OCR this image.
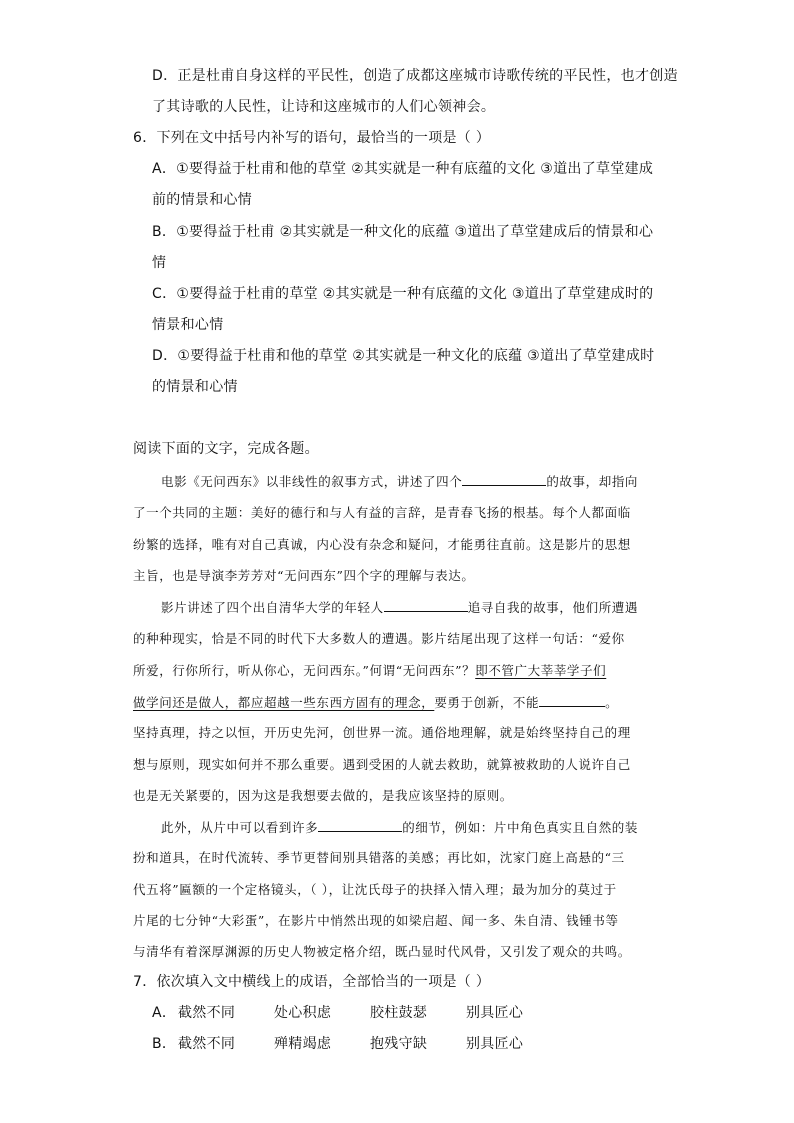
D．正是杜甫自身这样的平民性，创造了成都这座城市诗歌传统的平民性，也才创造
了其诗歌的人民性，让诗和这座城市的人们心领神会。
6．下列在文中括号内补写的语句，最恰当的一项是（ ）
A．①要得益于杜甫和他的草堂 ②其实就是一种有底蕴的文化 ③道出了草堂建成
前的情景和心情
B．①要得益于杜甫 ②其实就是一种文化的底蕴 ③道出了草堂建成后的情景和心
情
C．①要得益于杜甫的草堂 ②其实就是一种有底蕴的文化 ③道出了草堂建成时的
情景和心情
D．①要得益于杜甫和他的草堂 ②其实就是一种文化的底蕴 ③道出了草堂建成时
的情景和心情
阅读下面的文字，完成各题。
电影《无问西东》以非线性的叙事方式，讲述了四个	的故事，却指向
了一个共同的主题：美好的德行和与人有益的言辞，是青春飞扬的根基。每个人都面临
纷繁的选择，唯有对自己真诚，内心没有杂念和疑问，才能勇往直前。这是影片的思想
主旨，也是导演李芳芳对“无问西东”四个字的理解与表达。
影片讲述了四个出自清华大学的年轻人	追寻自我的故事，他们所遭遇
的种种现实，恰是不同的时代下大多数人的遭遇。影片结尾出现了这样一句话：“爱你
所爱，行你所行，听从你心，无问西东。”何谓“无问西东”？即不管广大莘莘学子们
做学问还是做人，都应超越一些东西方固有的理念，要勇于创新，不能	。
坚持真理，持之以恒，开历史先河，创世界一流。通俗地理解，就是始终坚持自己的理
想与原则，现实如何并不那么重要。遇到受困的人就去救助，就算被救助的人说许自己
也是无关紧要的，因为这是我想要去做的，是我应该坚持的原则。
此外，从片中可以看到许多	的细节，例如：片中角色真实且自然的装
扮和道具，在时代流转、季节更替间别具错落的美感；再比如，沈家门庭上高悬的“三
代五将”匾额的一个定格镜头，（ ），让沈氏母子的抉择入情入理；最为加分的莫过于
片尾的七分钟“大彩蛋”，在影片中悄然出现的如梁启超、闻一多、朱自清、钱锺书等
与清华有着深厚渊源的历史人物被定格介绍，既凸显时代风骨，又引发了观众的共鸣。
7．依次填入文中横线上的成语，全部恰当的一项是（ ）
A． 截然不同	处心积虑	胶柱鼓瑟	别具匠心
B． 截然不同	殚精竭虑	抱残守缺	别具匠心
